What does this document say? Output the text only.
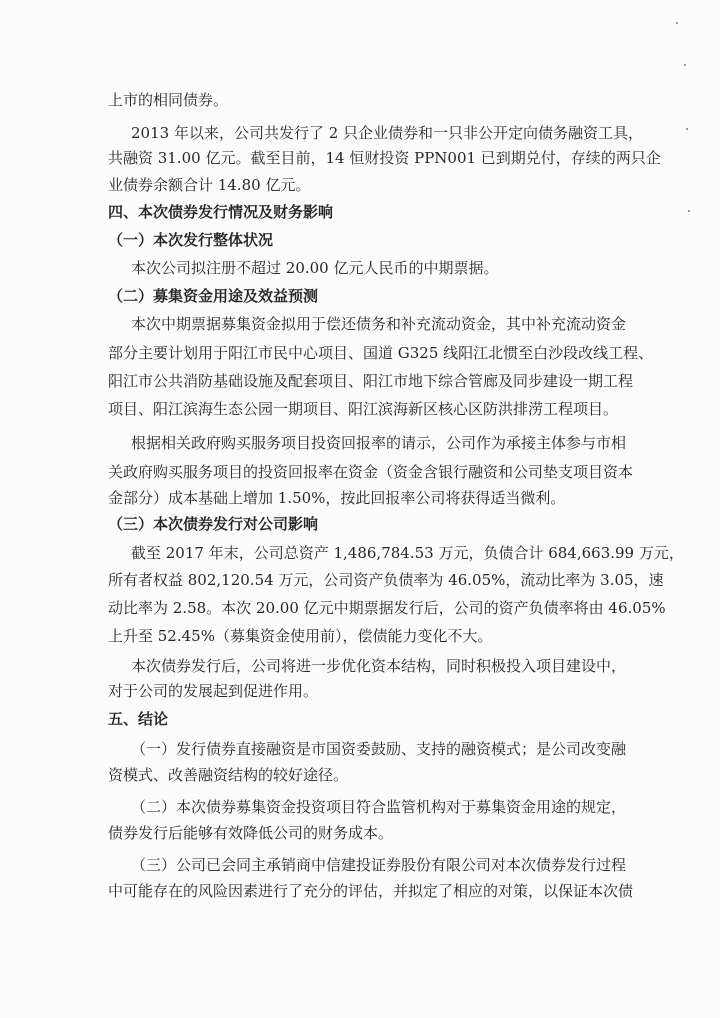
上市的相同债券。
2013 年以来，公司共发行了 2 只企业债券和一只非公开定向债务融资工具，
共融资 31.00 亿元。截至目前，14 恒财投资 PPN001 已到期兑付，存续的两只企
业债券余额合计 14.80 亿元。
四、本次债券发行情况及财务影响
（一）本次发行整体状况
本次公司拟注册不超过 20.00 亿元人民币的中期票据。
（二）募集资金用途及效益预测
本次中期票据募集资金拟用于偿还债务和补充流动资金，其中补充流动资金
部分主要计划用于阳江市民中心项目、国道 G325 线阳江北惯至白沙段改线工程、
阳江市公共消防基础设施及配套项目、阳江市地下综合管廊及同步建设一期工程
项目、阳江滨海生态公园一期项目、阳江滨海新区核心区防洪排涝工程项目。
根据相关政府购买服务项目投资回报率的请示，公司作为承接主体参与市相
关政府购买服务项目的投资回报率在资金（资金含银行融资和公司垫支项目资本
金部分）成本基础上增加 1.50%，按此回报率公司将获得适当微利。
（三）本次债券发行对公司影响
截至 2017 年末，公司总资产 1,486,784.53 万元，负债合计 684,663.99 万元，
所有者权益 802,120.54 万元，公司资产负债率为 46.05%，流动比率为 3.05，速
动比率为 2.58。本次 20.00 亿元中期票据发行后，公司的资产负债率将由 46.05%
上升至 52.45%（募集资金使用前），偿债能力变化不大。
本次债券发行后，公司将进一步优化资本结构，同时积极投入项目建设中，
对于公司的发展起到促进作用。
五、结论
（一）发行债券直接融资是市国资委鼓励、支持的融资模式；是公司改变融
资模式、改善融资结构的较好途径。
（二）本次债券募集资金投资项目符合监管机构对于募集资金用途的规定，
债券发行后能够有效降低公司的财务成本。
（三）公司已会同主承销商中信建投证券股份有限公司对本次债券发行过程
中可能存在的风险因素进行了充分的评估，并拟定了相应的对策，以保证本次债
